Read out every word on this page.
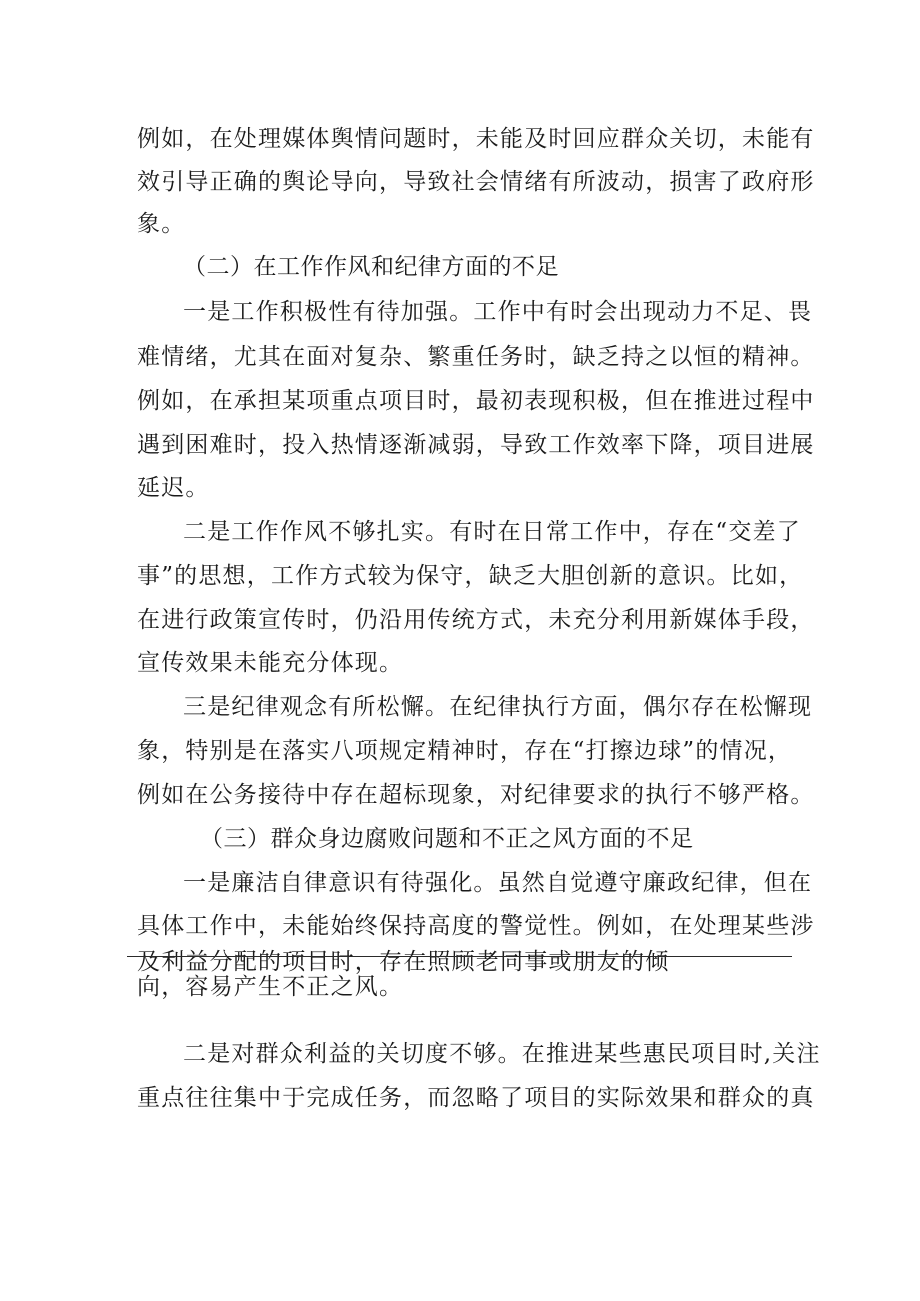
例如，在处理媒体舆情问题时，未能及时回应群众关切，未能有
效引导正确的舆论导向，导致社会情绪有所波动，损害了政府形
象。
（二）在工作作风和纪律方面的不足
一是工作积极性有待加强。工作中有时会出现动力不足、畏
难情绪，尤其在面对复杂、繁重任务时，缺乏持之以恒的精神。
例如，在承担某项重点项目时，最初表现积极，但在推进过程中
遇到困难时，投入热情逐渐减弱，导致工作效率下降，项目进展
延迟。
二是工作作风不够扎实。有时在日常工作中，存在“交差了
事”的思想，工作方式较为保守，缺乏大胆创新的意识。比如，
在进行政策宣传时，仍沿用传统方式，未充分利用新媒体手段，
宣传效果未能充分体现。
三是纪律观念有所松懈。在纪律执行方面，偶尔存在松懈现
象，特别是在落实八项规定精神时，存在“打擦边球”的情况，
例如在公务接待中存在超标现象，对纪律要求的执行不够严格。
（三）群众身边腐败问题和不正之风方面的不足
一是廉洁自律意识有待强化。虽然自觉遵守廉政纪律，但在
具体工作中，未能始终保持高度的警觉性。例如，在处理某些涉
及利益分配的项目时，存在照顾老同事或朋友的倾
向，容易产生不正之风。
二是对群众利益的关切度不够。在推进某些惠民项目时,关注
重点往往集中于完成任务，而忽略了项目的实际效果和群众的真
